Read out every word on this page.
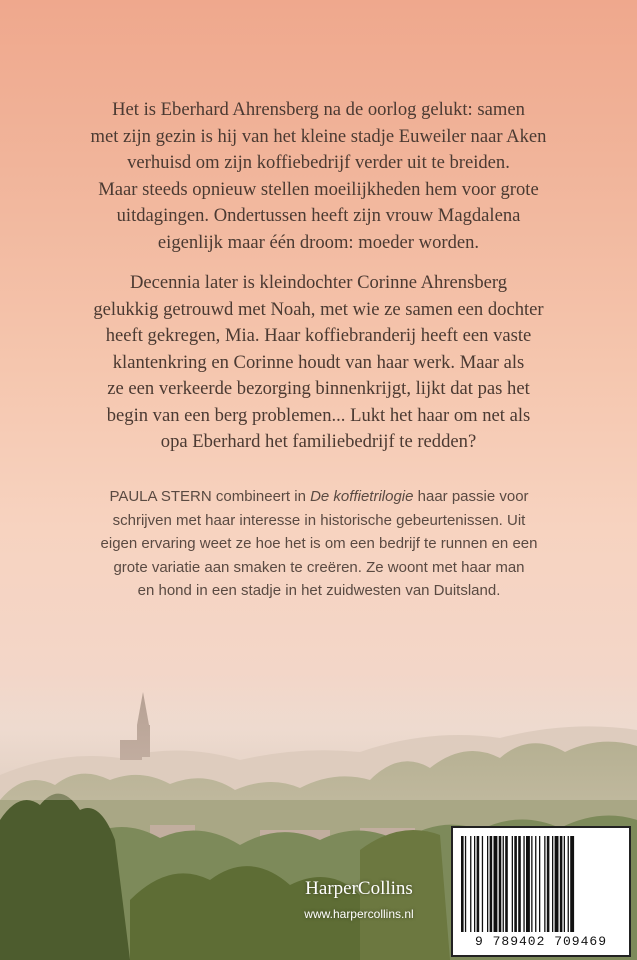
Het is Eberhard Ahrensberg na de oorlog gelukt: samen

met zijn gezin is hij van het kleine stadje Euweiler naar Aken

verhuisd om zijn koffiebedrijf verder uit te breiden.

Maar steeds opnieuw stellen moeilijkheden hem voor grote

uitdagingen. Ondertussen heeft zijn vrouw Magdalena

eigenlijk maar één droom: moeder worden.

Decennia later is kleindochter Corinne Ahrensberg

gelukkig getrouwd met Noah, met wie ze samen een dochter

heeft gekregen, Mia. Haar koffiebranderij heeft een vaste

klantenkring en Corinne houdt van haar werk. Maar als

ze een verkeerde bezorging binnenkrijgt, lijkt dat pas het

begin van een berg problemen... Lukt het haar om net als

opa Eberhard het familiebedrijf te redden?

PAULA STERN combineert in De koffietrilogie haar passie voor
schrijven met haar interesse in historische gebeurtenissen. Uit
eigen ervaring weet ze hoe het is om een bedrijf te runnen en een
grote variatie aan smaken te creëren. Ze woont met haar man
en hond in een stadje in het zuidwesten van Duitsland.
HarperCollins
www.harpercollins.nl
9 789402 709469
